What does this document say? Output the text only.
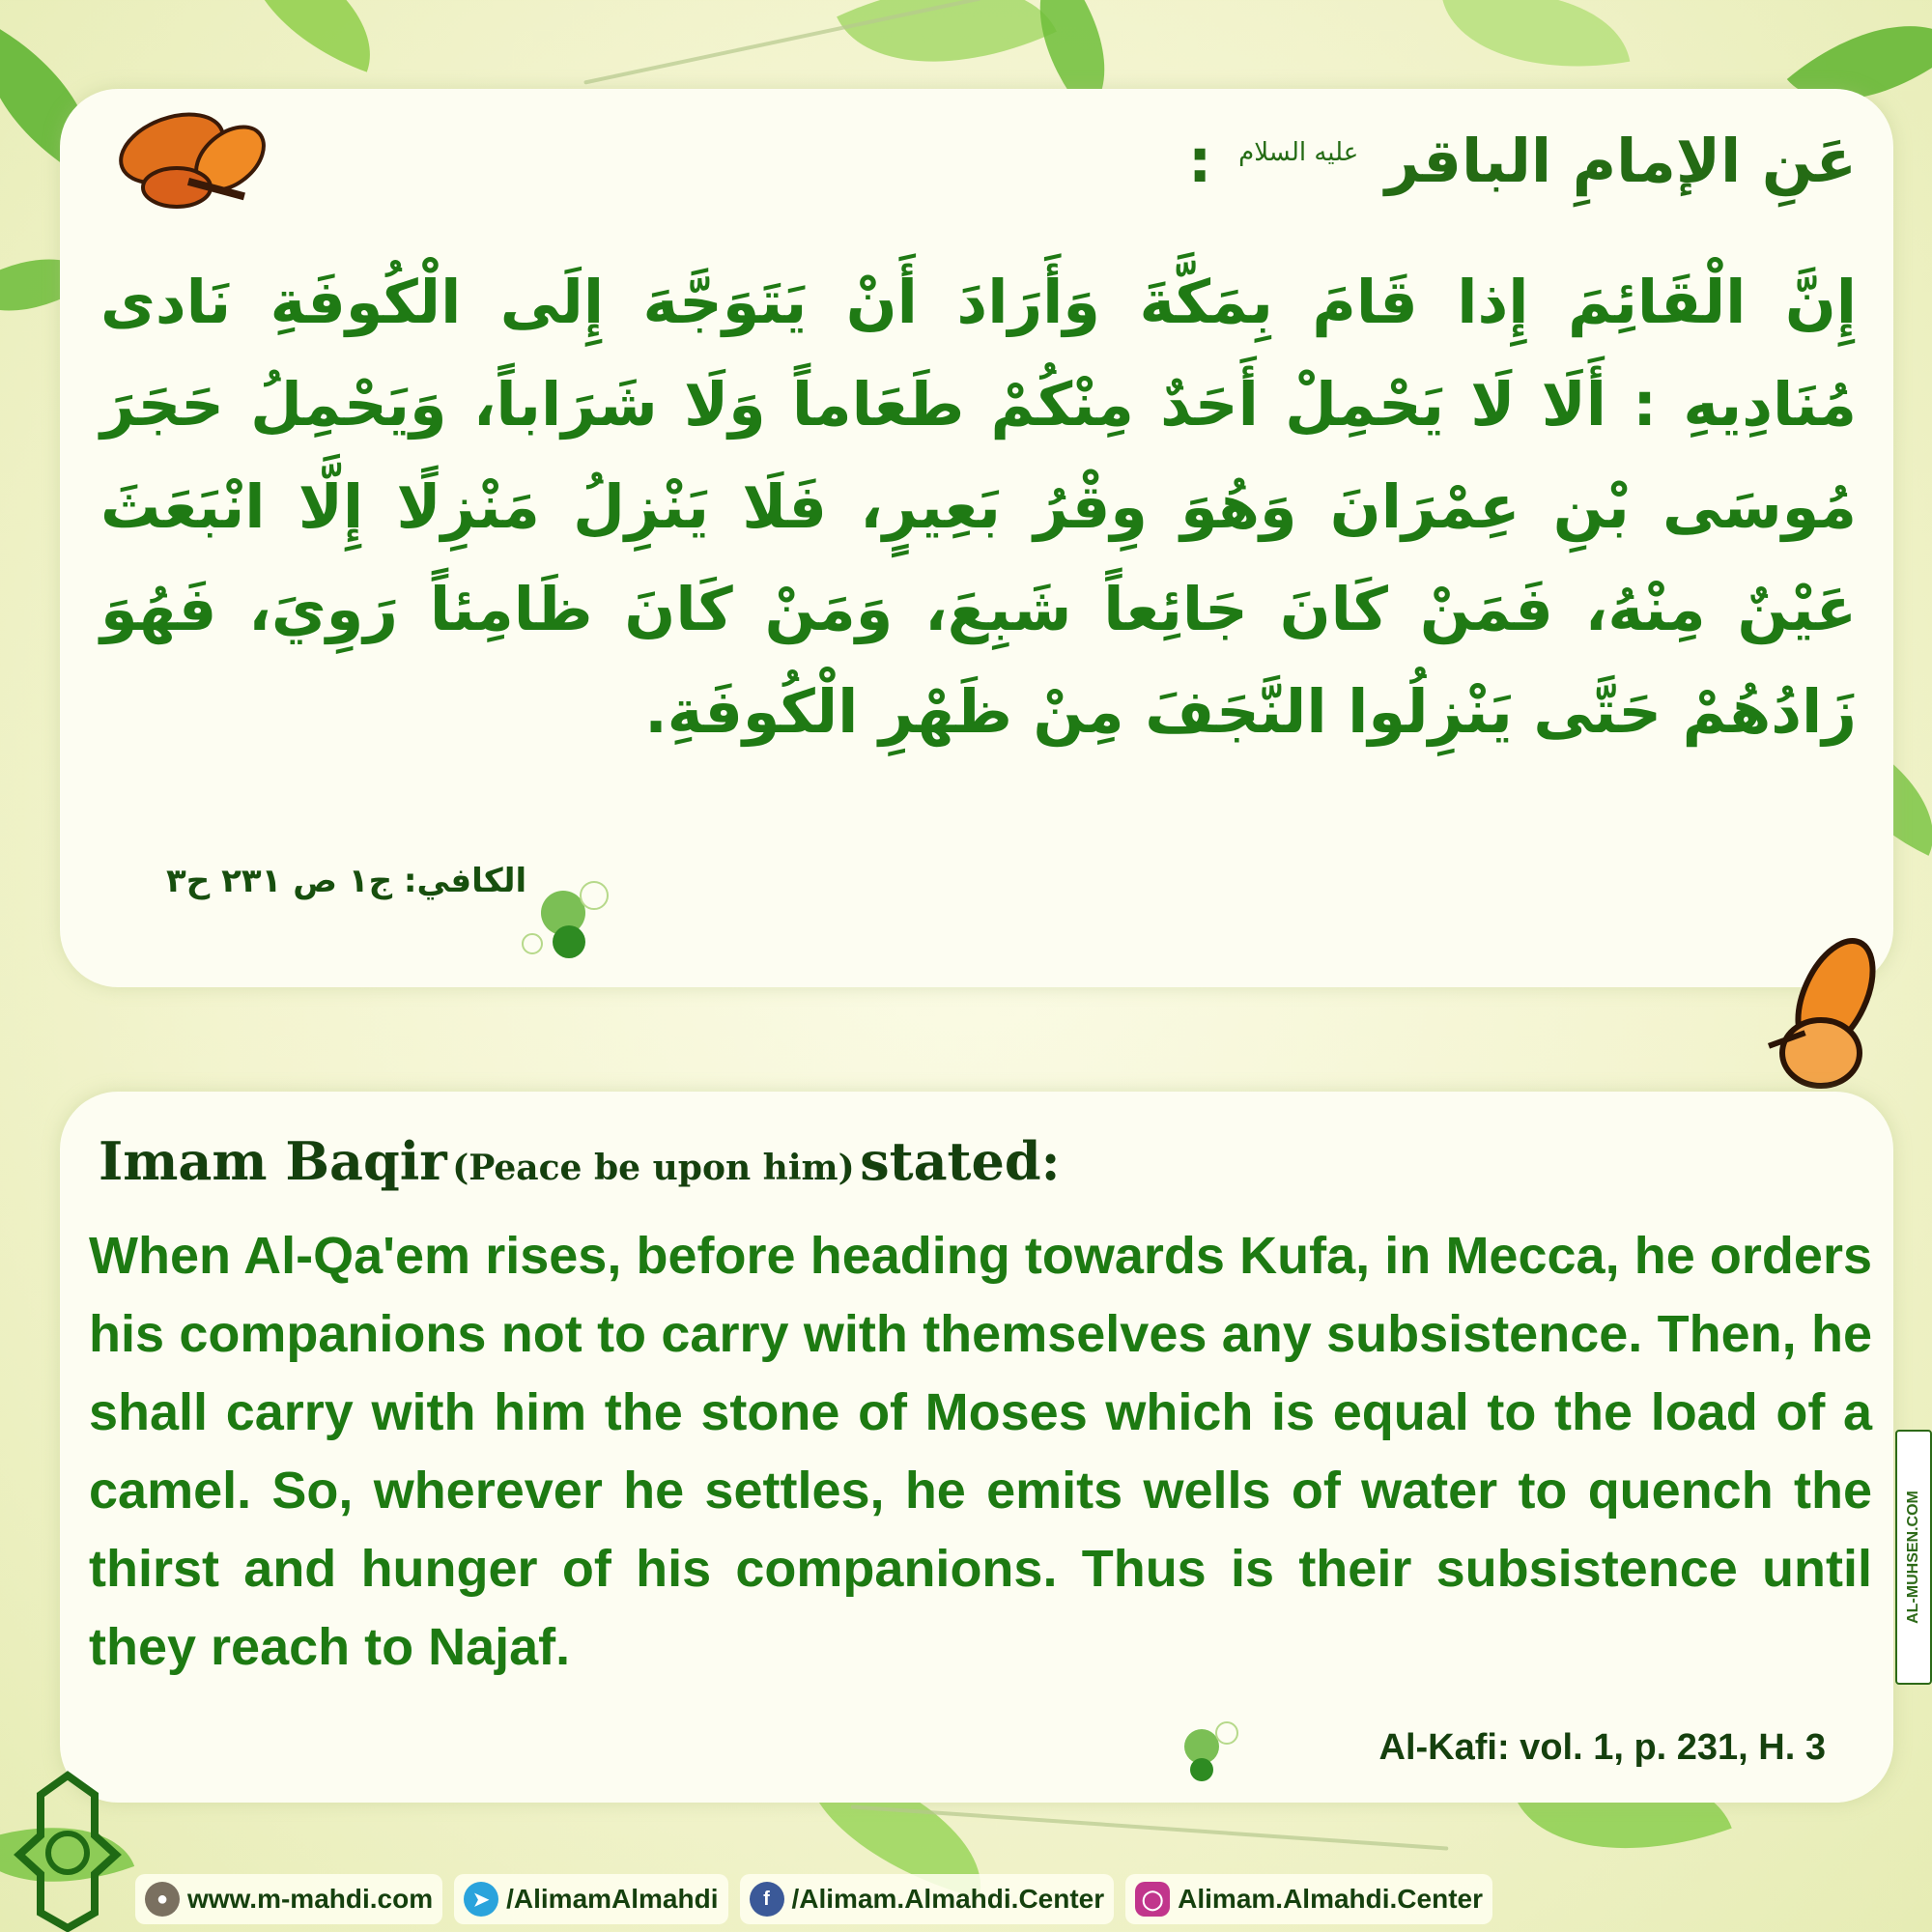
عَنِ الإمامِ الباقر $^{عليه السلام}$ :
إِنَّ الْقَائِمَ إِذا قَامَ بِمَكَّةَ وَأَرَادَ أَنْ يَتَوَجَّهَ إِلَى الْكُوفَةِ نَادى مُنَادِيهِ : أَلَا لَا يَحْمِلْ أَحَدٌ مِنْكُمْ طَعَاماً وَلَا شَرَاباً، وَيَحْمِلُ حَجَرَ مُوسَى بْنِ عِمْرَانَ وَهُوَ وِقْرُ بَعِيرٍ، فَلَا يَنْزِلُ مَنْزِلًا إِلَّا انْبَعَثَ عَيْنٌ مِنْهُ، فَمَنْ كَانَ جَائِعاً شَبِعَ، وَمَنْ كَانَ ظَامِئاً رَوِيَ، فَهُوَ زَادُهُمْ حَتَّى يَنْزِلُوا النَّجَفَ مِنْ ظَهْرِ الْكُوفَةِ.
الكافي: ج١ ص ٢٣١ ح٣
Imam Baqir (Peace be upon him) stated:
When Al-Qa'em rises, before heading towards Kufa, in Mecca, he orders his companions not to carry with themselves any subsistence. Then, he shall carry with him the stone of Moses which is equal to the load of a camel. So, wherever he settles, he emits wells of water to quench the thirst and hunger of his companions. Thus is their subsistence until they reach to Najaf.
Al-Kafi: vol. 1, p. 231, H. 3
● www.m-mahdi.com	➤ /AlimamAlmahdi	f /Alimam.Almahdi.Center	◯ Alimam.Almahdi.Center
AL-MUHSEN.COM
